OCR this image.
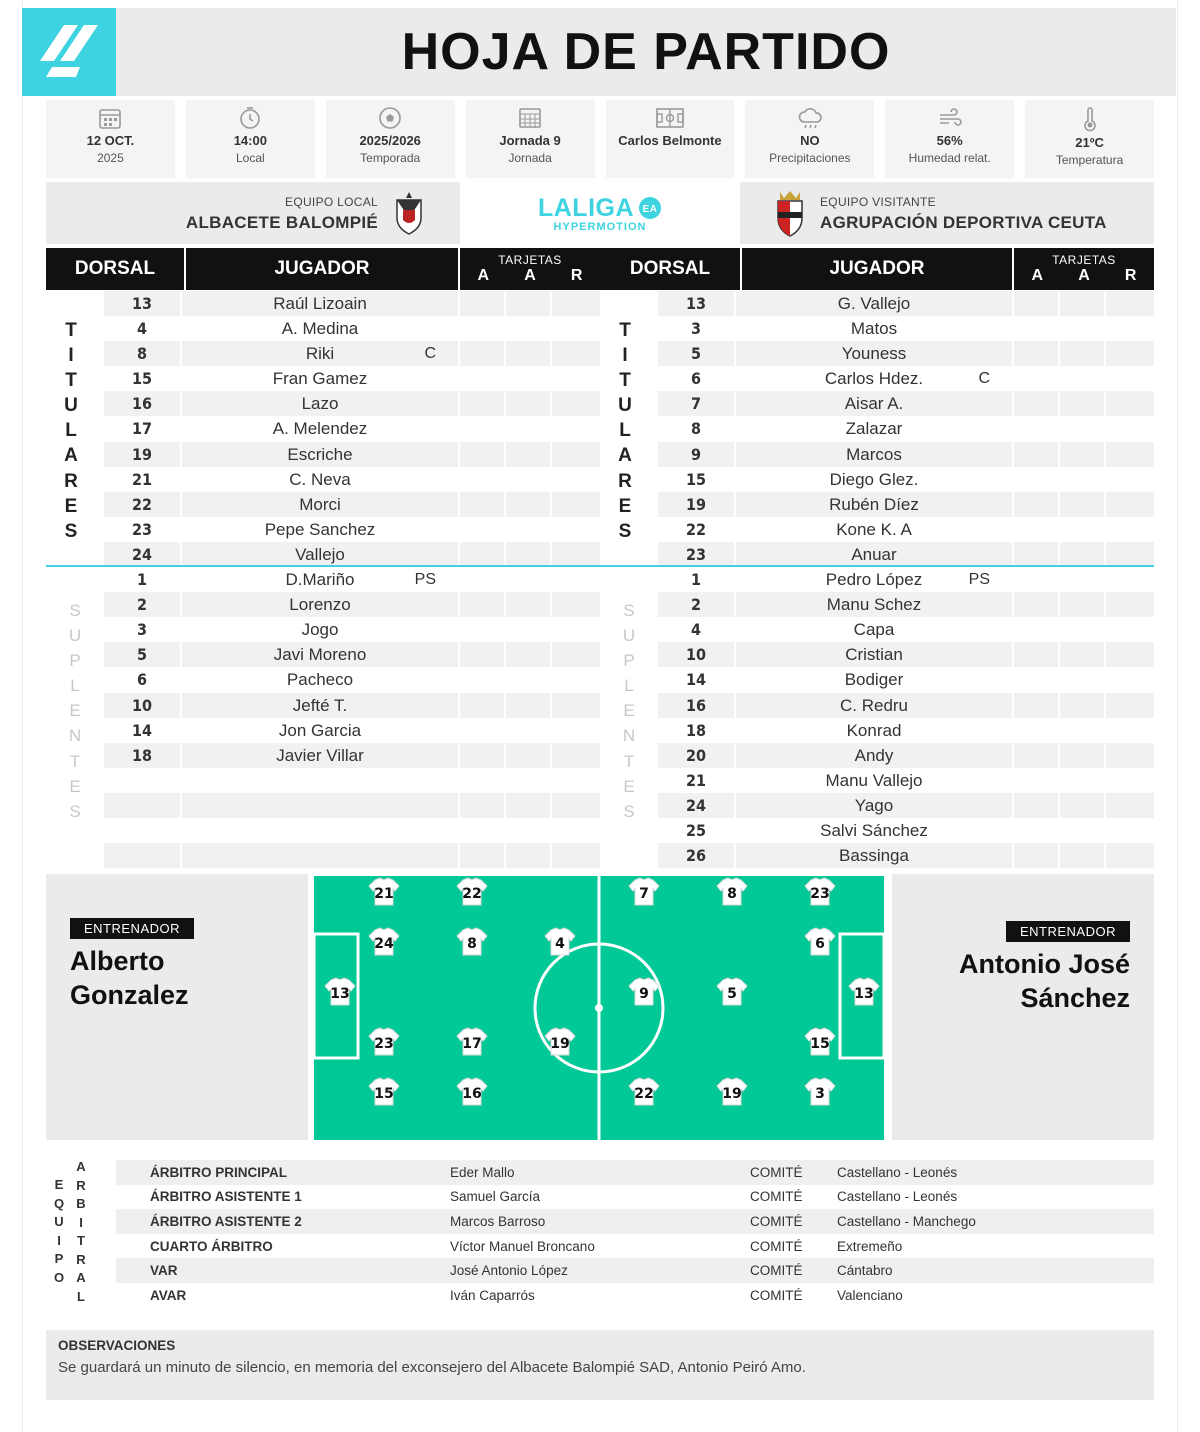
HOJA DE PARTIDO
12 OCT.
2025
14:00
Local
2025/2026
Temporada
Jornada 9
Jornada
Carlos Belmonte	NO
Precipitaciones
56%
Humedad relat.
21ºC
Temperatura
EQUIPO LOCAL
ALBACETE BALOMPIÉ
LALIGA EA
HYPERMOTION
EQUIPO VISITANTE
AGRUPACIÓN DEPORTIVA CEUTA
DORSAL	JUGADOR	TARJETAS
A A R	DORSAL	JUGADOR	TARJETAS
A A R
T
I
T
U
L
A
R
E
S
S
U
P
L
E
N
T
E
S
T
I
T
U
L
A
R
E
S
S
U
P
L
E
N
T
E
S
13	Raúl Lizoain
4	A. Medina
8	Riki	C
15	Fran Gamez
16	Lazo
17	A. Melendez
19	Escriche
21	C. Neva
22	Morci
23	Pepe Sanchez
24	Vallejo
1	D.Mariño	PS
2	Lorenzo
3	Jogo
5	Javi Moreno
6	Pacheco
10	Jefté T.
14	Jon Garcia
18	Javier Villar
13	G. Vallejo
3	Matos
5	Youness
6	Carlos Hdez.	C
7	Aisar A.
8	Zalazar
9	Marcos
15	Diego Glez.
19	Rubén Díez
22	Kone K. A
23	Anuar
1	Pedro López	PS
2	Manu Schez
4	Capa
10	Cristian
14	Bodiger
16	C. Redru
18	Konrad
20	Andy
21	Manu Vallejo
24	Yago
25	Salvi Sánchez
26	Bassinga
ENTRENADOR
Alberto
Gonzalez
ENTRENADOR
Antonio José
Sánchez
21	22
24	8	4
13
23	17	19
15	16
7	8	23
6
9	5	13
15
22	19	3
E
Q
U
I
P
O
A
R
B
I
T
R
A
L
ÁRBITRO PRINCIPAL	Eder Mallo	COMITÉ	Castellano - Leonés
ÁRBITRO ASISTENTE 1	Samuel García	COMITÉ	Castellano - Leonés
ÁRBITRO ASISTENTE 2	Marcos Barroso	COMITÉ	Castellano - Manchego
CUARTO ÁRBITRO	Víctor Manuel Broncano	COMITÉ	Extremeño
VAR	José Antonio López	COMITÉ	Cántabro
AVAR	Iván Caparrós	COMITÉ	Valenciano
OBSERVACIONES
Se guardará un minuto de silencio, en memoria del exconsejero del Albacete Balompié SAD, Antonio Peiró Amo.
